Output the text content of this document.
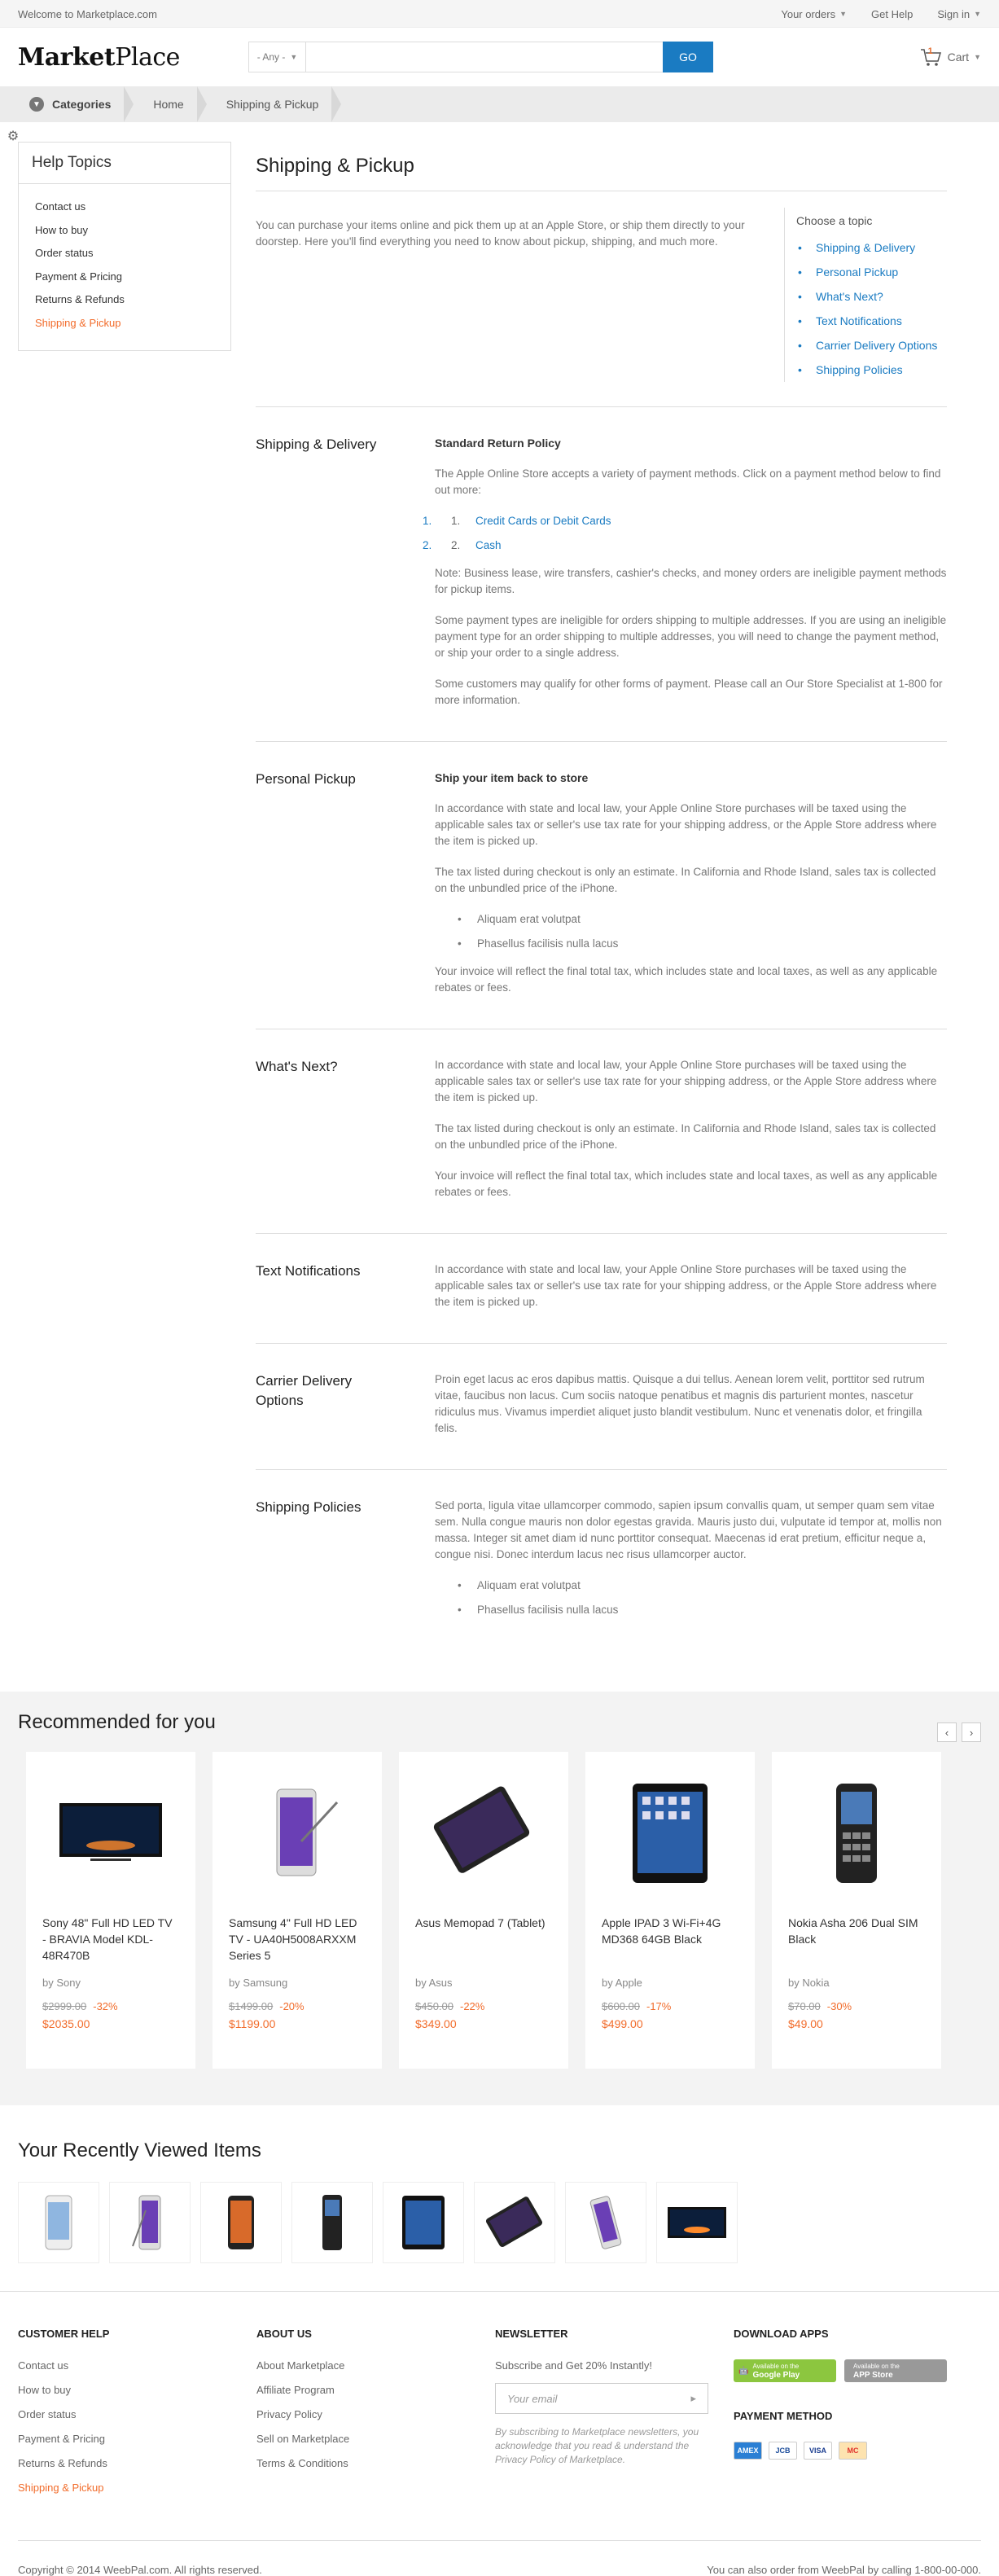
Welcome to Marketplace.com	Your orders ▼ Get Help Sign in ▼
MarketPlace	- Any - ▼	GO	1 Cart ▼
▼ Categories	Home	Shipping & Pickup
⚙
Help Topics
Contact us
How to buy
Order status
Payment & Pricing
Returns & Refunds
Shipping & Pickup
Shipping & Pickup

You can purchase your items online and pick them up at an Apple Store, or ship them directly to your doorstep. Here you'll find everything you need to know about pickup, shipping, and much more.

Choose a topic
• Shipping & Delivery
• Personal Pickup
• What's Next?
• Text Notifications
• Carrier Delivery Options
• Shipping Policies
Shipping & Delivery	Standard Return Policy

The Apple Online Store accepts a variety of payment methods. Click on a payment method below to find out more:

1. 1. Credit Cards or Debit Cards
2. 2. Cash

Note: Business lease, wire transfers, cashier's checks, and money orders are ineligible payment methods for pickup items.

Some payment types are ineligible for orders shipping to multiple addresses. If you are using an ineligible payment type for an order shipping to multiple addresses, you will need to change the payment method, or ship your order to a single address.

Some customers may qualify for other forms of payment. Please call an Our Store Specialist at 1-800 for more information.

Personal Pickup	Ship your item back to store

In accordance with state and local law, your Apple Online Store purchases will be taxed using the applicable sales tax or seller's use tax rate for your shipping address, or the Apple Store address where the item is picked up.

The tax listed during checkout is only an estimate. In California and Rhode Island, sales tax is collected on the unbundled price of the iPhone.

• Aliquam erat volutpat
• Phasellus facilisis nulla lacus

Your invoice will reflect the final total tax, which includes state and local taxes, as well as any applicable rebates or fees.

What's Next?	In accordance with state and local law, your Apple Online Store purchases will be taxed using the applicable sales tax or seller's use tax rate for your shipping address, or the Apple Store address where the item is picked up.

The tax listed during checkout is only an estimate. In California and Rhode Island, sales tax is collected on the unbundled price of the iPhone.

Your invoice will reflect the final total tax, which includes state and local taxes, as well as any applicable rebates or fees.

Text Notifications	In accordance with state and local law, your Apple Online Store purchases will be taxed using the applicable sales tax or seller's use tax rate for your shipping address, or the Apple Store address where the item is picked up.

Carrier Delivery Options

Proin eget lacus ac eros dapibus mattis. Quisque a dui tellus. Aenean lorem velit, porttitor sed rutrum vitae, faucibus non lacus. Cum sociis natoque penatibus et magnis dis parturient montes, nascetur ridiculus mus. Vivamus imperdiet aliquet justo blandit vestibulum. Nunc et venenatis dolor, et fringilla felis.

Shipping Policies	Sed porta, ligula vitae ullamcorper commodo, sapien ipsum convallis quam, ut semper quam sem vitae sem. Nulla congue mauris non dolor egestas gravida. Mauris justo dui, vulputate id tempor at, mollis non massa. Integer sit amet diam id nunc porttitor consequat. Maecenas id erat pretium, efficitur neque a, congue nisi. Donec interdum lacus nec risus ullamcorper auctor.

• Aliquam erat volutpat
• Phasellus facilisis nulla lacus
Recommended for you	‹	›
Sony 48" Full HD LED TV - BRAVIA Model KDL-48R470B
by Sony
$2999.00 -32%
$2035.00
Samsung 4" Full HD LED TV - UA40H5008ARXXM Series 5
by Samsung
$1499.00 -20%
$1199.00
Asus Memopad 7 (Tablet)
by Asus
$450.00 -22%
$349.00
Apple IPAD 3 Wi-Fi+4G MD368 64GB Black
by Apple
$600.00 -17%
$499.00
Nokia Asha 206 Dual SIM Black
by Nokia
$70.00 -30%
$49.00
Your Recently Viewed Items
CUSTOMER HELP
Contact us
How to buy
Order status
Payment & Pricing
Returns & Refunds
Shipping & Pickup
ABOUT US
About Marketplace
Affiliate Program
Privacy Policy
Sell on Marketplace
Terms & Conditions
NEWSLETTER

Subscribe and Get 20% Instantly!

Your email	▸
By subscribing to Marketplace newsletters, you acknowledge that you read & understand the Privacy Policy of Marketplace.
DOWNLOAD APPS
🤖 Available on the
Google Play
Available on the
APP Store
PAYMENT METHOD
AMEX	JCB	VISA	MC
Copyright © 2014 WeebPal.com. All rights reserved.	You can also order from WeebPal by calling 1-800-00-000.
